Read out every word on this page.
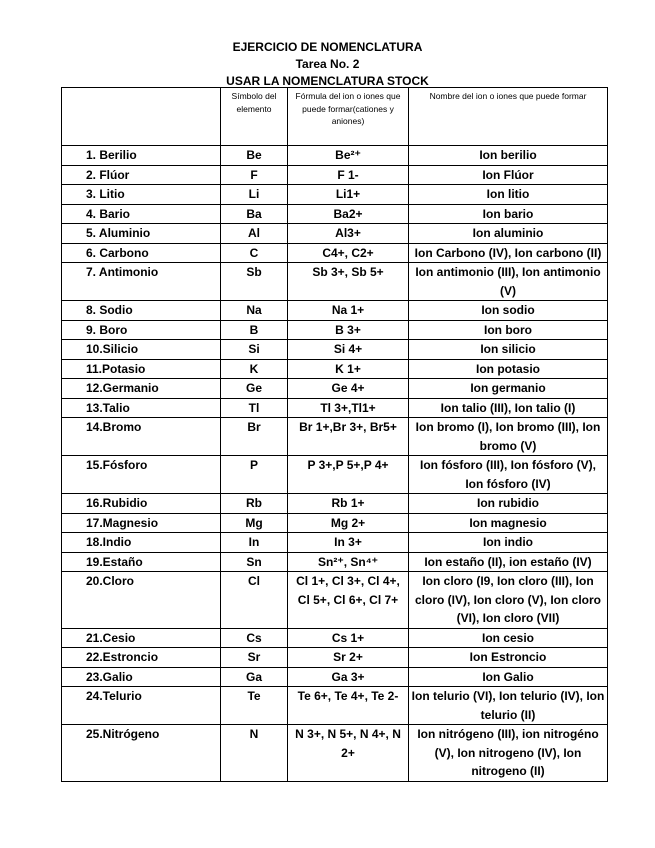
EJERCICIO DE NOMENCLATURA
Tarea No. 2
USAR LA NOMENCLATURA STOCK
	Símbolo del elemento	Fórmula del ion o iones que puede formar(cationes y aniones)	Nombre del ion o iones que puede formar
1. Berilio	Be	Be²⁺	Ion berilio
2. Flúor	F	F 1-	Ion Flúor
3. Litio	Li	Li1+	Ion litio
4. Bario	Ba	Ba2+	Ion bario
5. Aluminio	Al	Al3+	Ion aluminio
6. Carbono	C	C4+, C2+	Ion Carbono (IV), Ion carbono (II)
7. Antimonio	Sb	Sb 3+, Sb 5+	Ion antimonio (III), Ion antimonio (V)
8. Sodio	Na	Na 1+	Ion sodio
9. Boro	B	B 3+	Ion boro
10.Silicio	Si	Si 4+	Ion silicio
11.Potasio	K	K 1+	Ion potasio
12.Germanio	Ge	Ge 4+	Ion germanio
13.Talio	Tl	Tl 3+,Tl1+	Ion talio (III), Ion talio (I)
14.Bromo	Br	Br 1+,Br 3+, Br5+	Ion bromo (I), Ion bromo (III), Ion bromo (V)
15.Fósforo	P	P 3+,P 5+,P 4+	Ion fósforo (III), Ion fósforo (V), Ion fósforo (IV)
16.Rubidio	Rb	Rb 1+	Ion rubidio
17.Magnesio	Mg	Mg 2+	Ion magnesio
18.Indio	In	In 3+	Ion indio
19.Estaño	Sn	Sn²⁺, Sn⁴⁺	Ion estaño (II), ion estaño (IV)
20.Cloro	Cl	Cl 1+, Cl 3+, Cl 4+, Cl 5+, Cl 6+, Cl 7+	Ion cloro (I9, Ion cloro (III), Ion cloro (IV), Ion cloro (V), Ion cloro (VI), Ion cloro (VII)
21.Cesio	Cs	Cs 1+	Ion cesio
22.Estroncio	Sr	Sr 2+	Ion Estroncio
23.Galio	Ga	Ga 3+	Ion Galio
24.Telurio	Te	Te 6+, Te 4+, Te 2-	Ion telurio (VI), Ion telurio (IV), Ion telurio (II)
25.Nitrógeno	N	N 3+, N 5+, N 4+, N 2+	Ion nitrógeno (III), ion nitrogéno (V), Ion nitrogeno (IV), Ion nitrogeno (II)
